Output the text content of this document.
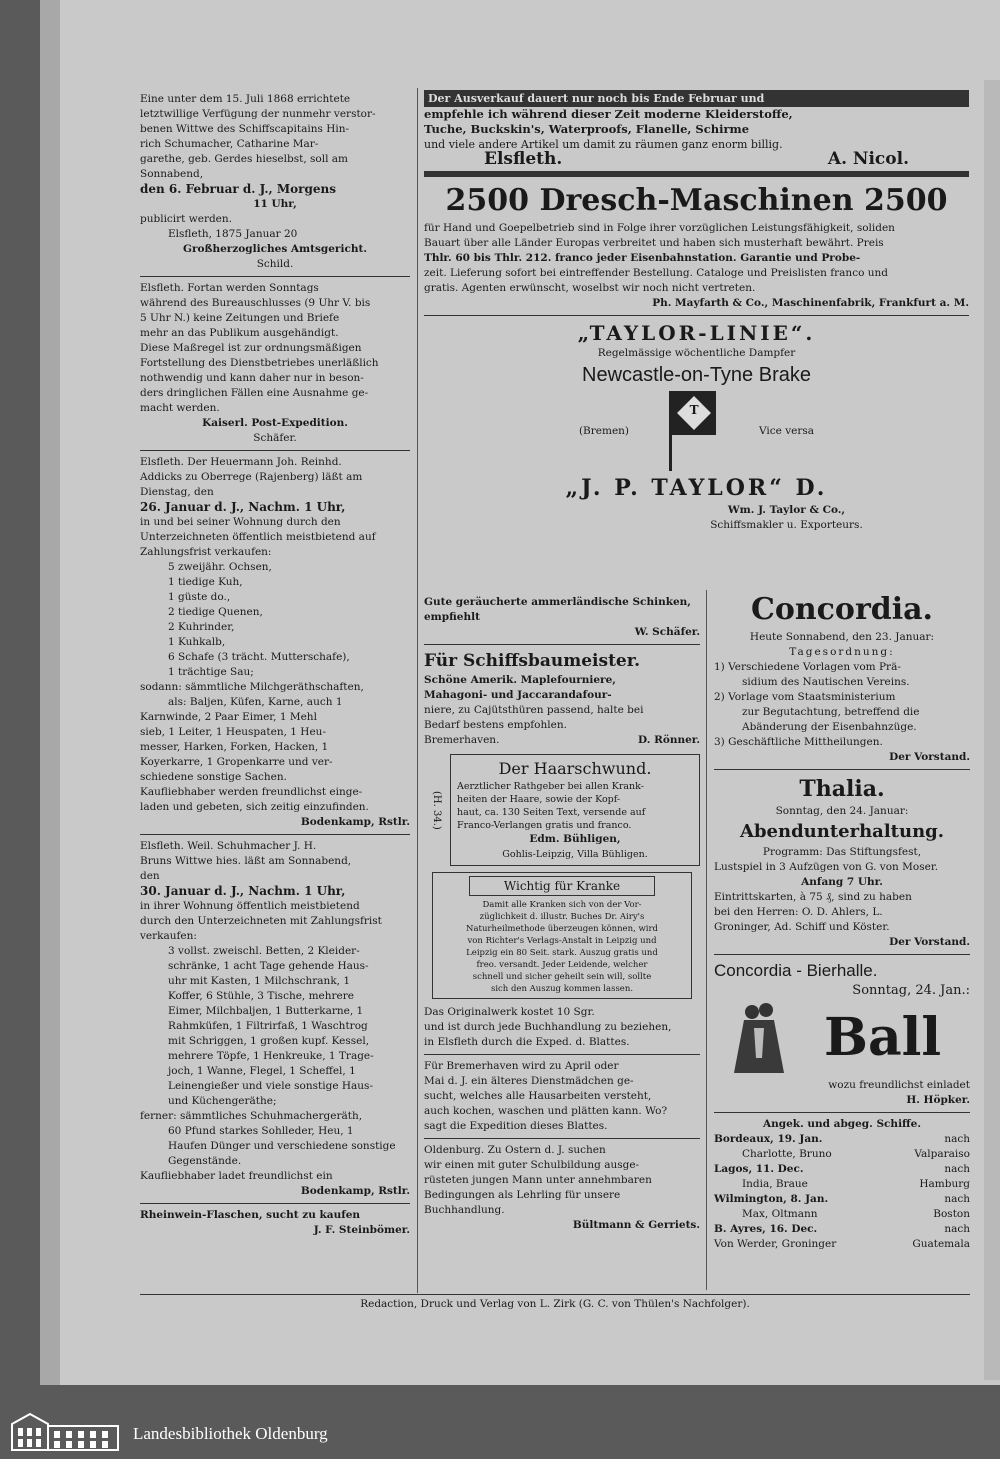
Eine unter dem 15. Juli 1868 errichtete

letztwillige Verfügung der nunmehr verstor-

benen Wittwe des Schiffscapitains Hin-

rich Schumacher, Catharine Mar-

garethe, geb. Gerdes hieselbst, soll am

Sonnabend,

den 6. Februar d. J., Morgens

11 Uhr,

publicirt werden.

Elsfleth, 1875 Januar 20

Großherzogliches Amtsgericht.

Schild.

Elsfleth. Fortan werden Sonntags

während des Bureauschlusses (9 Uhr V. bis

5 Uhr N.) keine Zeitungen und Briefe

mehr an das Publikum ausgehändigt.

Diese Maßregel ist zur ordnungsmäßigen

Fortstellung des Dienstbetriebes unerläßlich

nothwendig und kann daher nur in beson-

ders dringlichen Fällen eine Ausnahme ge-

macht werden.

Kaiserl. Post-Expedition.

Schäfer.

Elsfleth. Der Heuermann Joh. Reinhd.

Addicks zu Oberrege (Rajenberg) läßt am

Dienstag, den

26. Januar d. J., Nachm. 1 Uhr,

in und bei seiner Wohnung durch den

Unterzeichneten öffentlich meistbietend auf

Zahlungsfrist verkaufen:

5 zweijähr. Ochsen,

1 tiedige Kuh,

1 güste do.,

2 tiedige Quenen,

2 Kuhrinder,

1 Kuhkalb,

6 Schafe (3 trächt. Mutterschafe),

1 trächtige Sau;

sodann: sämmtliche Milchgeräthschaften,

als: Baljen, Küfen, Karne, auch 1

Karnwinde, 2 Paar Eimer, 1 Mehl

sieb, 1 Leiter, 1 Heuspaten, 1 Heu-

messer, Harken, Forken, Hacken, 1

Koyerkarre, 1 Gropenkarre und ver-

schiedene sonstige Sachen.

Kaufliebhaber werden freundlichst einge-

laden und gebeten, sich zeitig einzufinden.

Bodenkamp, Rstlr.

Elsfleth. Weil. Schuhmacher J. H.

Bruns Wittwe hies. läßt am Sonnabend,

den

30. Januar d. J., Nachm. 1 Uhr,

in ihrer Wohnung öffentlich meistbietend

durch den Unterzeichneten mit Zahlungsfrist

verkaufen:

3 vollst. zweischl. Betten, 2 Kleider-

schränke, 1 acht Tage gehende Haus-

uhr mit Kasten, 1 Milchschrank, 1

Koffer, 6 Stühle, 3 Tische, mehrere

Eimer, Milchbaljen, 1 Butterkarne, 1

Rahmküfen, 1 Filtrirfaß, 1 Waschtrog

mit Schriggen, 1 großen kupf. Kessel,

mehrere Töpfe, 1 Henkreuke, 1 Trage-

joch, 1 Wanne, Flegel, 1 Scheffel, 1

Leinengießer und viele sonstige Haus-

und Küchengeräthe;

ferner: sämmtliches Schuhmachergeräth,

60 Pfund starkes Sohlleder, Heu, 1

Haufen Dünger und verschiedene sonstige

Gegenstände.

Kaufliebhaber ladet freundlichst ein

Bodenkamp, Rstlr.

Rheinwein-Flaschen, sucht zu kaufen

J. F. Steinbömer.

Der Ausverkauf dauert nur noch bis Ende Februar und

empfehle ich während dieser Zeit moderne Kleiderstoffe,

Tuche, Buckskin's, Waterproofs, Flanelle, Schirme

und viele andere Artikel um damit zu räumen ganz enorm billig.

Elsfleth.	A. Nicol.

2500 Dresch-Maschinen 2500

für Hand und Goepelbetrieb sind in Folge ihrer vorzüglichen Leistungsfähigkeit, soliden

Bauart über alle Länder Europas verbreitet und haben sich musterhaft bewährt. Preis

Thlr. 60 bis Thlr. 212. franco jeder Eisenbahnstation. Garantie und Probe-

zeit. Lieferung sofort bei eintreffender Bestellung. Cataloge und Preislisten franco und

gratis. Agenten erwünscht, woselbst wir noch nicht vertreten.

Ph. Mayfarth & Co., Maschinenfabrik, Frankfurt a. M.

„TAYLOR-LINIE“.

Regelmässige wöchentliche Dampfer

Newcastle-on-Tyne Brake

(Bremen)
T
Vice versa

„J. P. TAYLOR“ D.

Wm. J. Taylor & Co.,

Schiffsmakler u. Exporteurs.

Gute geräucherte ammerländische Schinken, empfiehlt

W. Schäfer.

Für Schiffsbaumeister.

Schöne Amerik. Maplefourniere,

Mahagoni- und Jaccarandafour-

niere, zu Cajütsthüren passend, halte bei

Bedarf bestens empfohlen.

Bremerhaven.	D. Rönner.

(H. 34.)

Der Haarschwund.

Aerztlicher Rathgeber bei allen Krank-

heiten der Haare, sowie der Kopf-

haut, ca. 130 Seiten Text, versende auf

Franco-Verlangen gratis und franco.

Edm. Bühligen,

Gohlis-Leipzig, Villa Bühligen.

Wichtig für Kranke

Damit alle Kranken sich von der Vor-

züglichkeit d. illustr. Buches Dr. Airy's

Naturheilmethode überzeugen können, wird

von Richter's Verlags-Anstalt in Leipzig und

Leipzig ein 80 Seit. stark. Auszug gratis und

freo. versandt. Jeder Leidende, welcher

schnell und sicher geheilt sein will, sollte

sich den Auszug kommen lassen.

Das Originalwerk kostet 10 Sgr.

und ist durch jede Buchhandlung zu beziehen,

in Elsfleth durch die Exped. d. Blattes.

Für Bremerhaven wird zu April oder

Mai d. J. ein älteres Dienstmädchen ge-

sucht, welches alle Hausarbeiten versteht,

auch kochen, waschen und plätten kann. Wo?

sagt die Expedition dieses Blattes.

Oldenburg. Zu Ostern d. J. suchen

wir einen mit guter Schulbildung ausge-

rüsteten jungen Mann unter annehmbaren

Bedingungen als Lehrling für unsere

Buchhandlung.

Bültmann & Gerriets.

Concordia.

Heute Sonnabend, den 23. Januar:

Tagesordnung:

1) Verschiedene Vorlagen vom Prä-

sidium des Nautischen Vereins.

2) Vorlage vom Staatsministerium

zur Begutachtung, betreffend die

Abänderung der Eisenbahnzüge.

3) Geschäftliche Mittheilungen.

Der Vorstand.

Thalia.

Sonntag, den 24. Januar:

Abendunterhaltung.

Programm: Das Stiftungsfest,

Lustspiel in 3 Aufzügen von G. von Moser.

Anfang 7 Uhr.

Eintrittskarten, à 75 ₰, sind zu haben

bei den Herren: O. D. Ahlers, L.

Groninger, Ad. Schiff und Köster.

Der Vorstand.

Concordia - Bierhalle.

Sonntag, 24. Jan.:

Ball

wozu freundlichst einladet

H. Höpker.

Angek. und abgeg. Schiffe.

Bordeaux, 19. Jan.	nach

Charlotte, Bruno	Valparaiso

Lagos, 11. Dec.	nach

India, Braue	Hamburg

Wilmington, 8. Jan.	nach

Max, Oltmann	Boston

B. Ayres, 16. Dec.	nach

Von Werder, Groninger	Guatemala

Redaction, Druck und Verlag von L. Zirk (G. C. von Thülen's Nachfolger).

Landesbibliothek Oldenburg
